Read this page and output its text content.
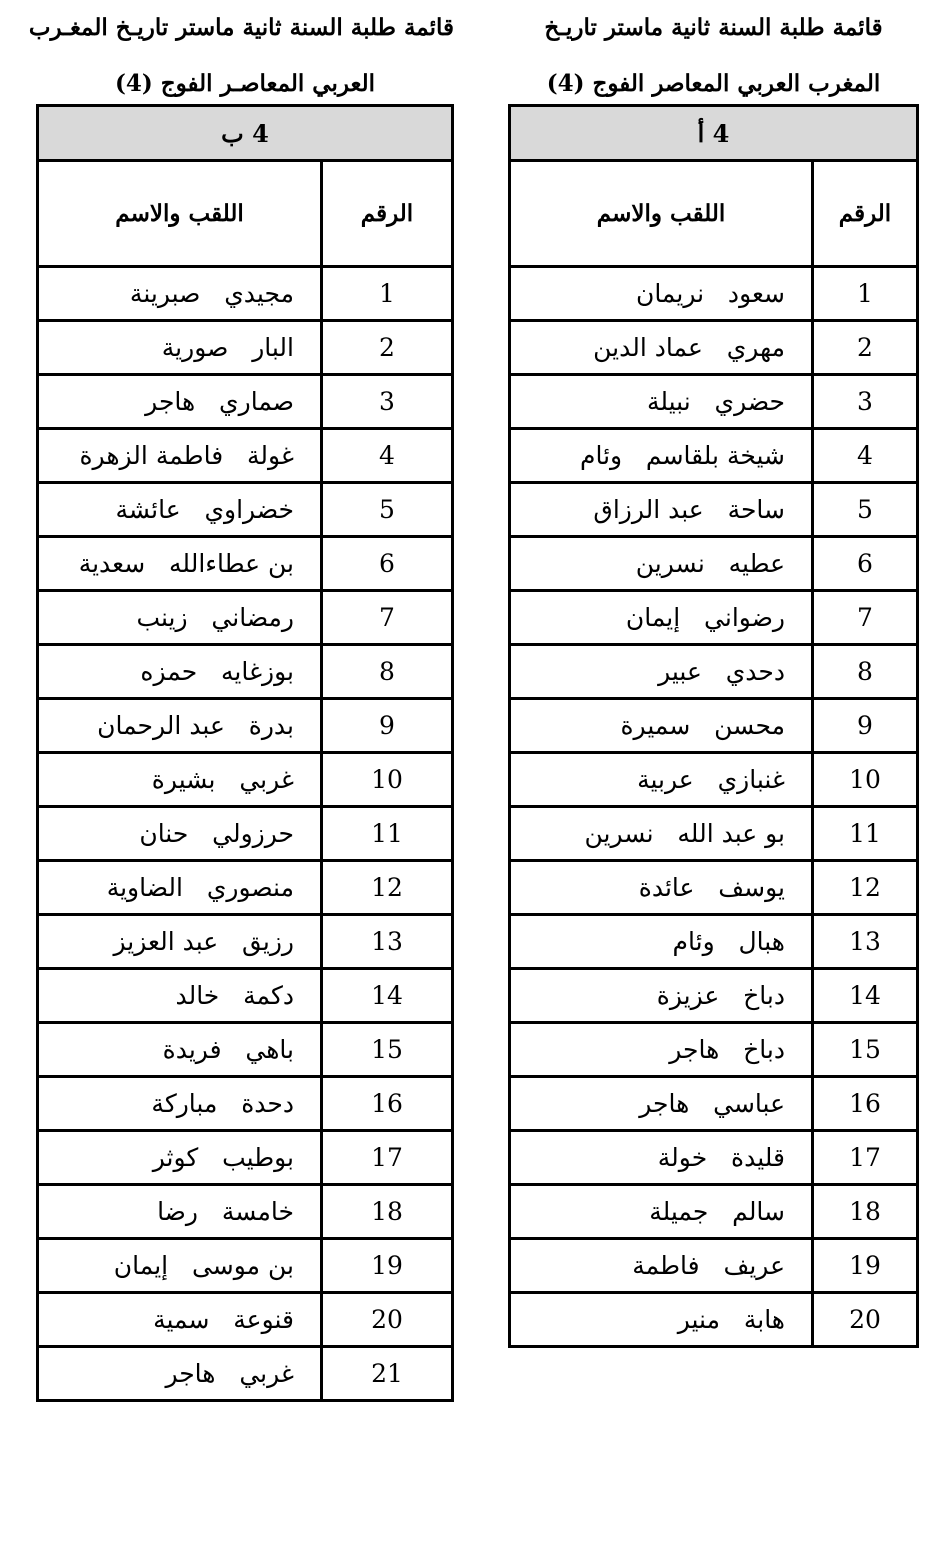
قائمة طلبة السنة ثانية ماستر تاريـخ
المغرب العربي المعاصر الفوج (4)
4 أ	
الرقم	اللقب والاسم
1	سعود   نريمان
2	مهري   عماد الدين
3	حضري   نبيلة
4	شيخة بلقاسم   وئام
5	ساحة   عبد الرزاق
6	عطيه   نسرين
7	رضواني   إيمان
8	دحدي   عبير
9	محسن   سميرة
10	غنبازي   عربية
11	بو عبد الله   نسرين
12	يوسف   عائدة
13	هبال   وئام
14	دباخ   عزيزة
15	دباخ   هاجر
16	عباسي   هاجر
17	قليدة   خولة
18	سالم   جميلة
19	عريف   فاطمة
20	هابة   منير
قائمة طلبة السنة ثانية ماستر تاريـخ المغـرب
العربي المعاصـر الفوج (4)
4 ب	
الرقم	اللقب والاسم
1	مجيدي   صبرينة
2	البار   صورية
3	صماري   هاجر
4	غولة   فاطمة الزهرة
5	خضراوي   عائشة
6	بن عطاءالله   سعدية
7	رمضاني   زينب
8	بوزغايه   حمزه
9	بدرة   عبد الرحمان
10	غربي   بشيرة
11	حرزولي   حنان
12	منصوري   الضاوية
13	رزيق   عبد العزيز
14	دكمة   خالد
15	باهي   فريدة
16	دحدة   مباركة
17	بوطيب   كوثر
18	خامسة   رضا
19	بن موسى   إيمان
20	قنوعة   سمية
21	غربي   هاجر
